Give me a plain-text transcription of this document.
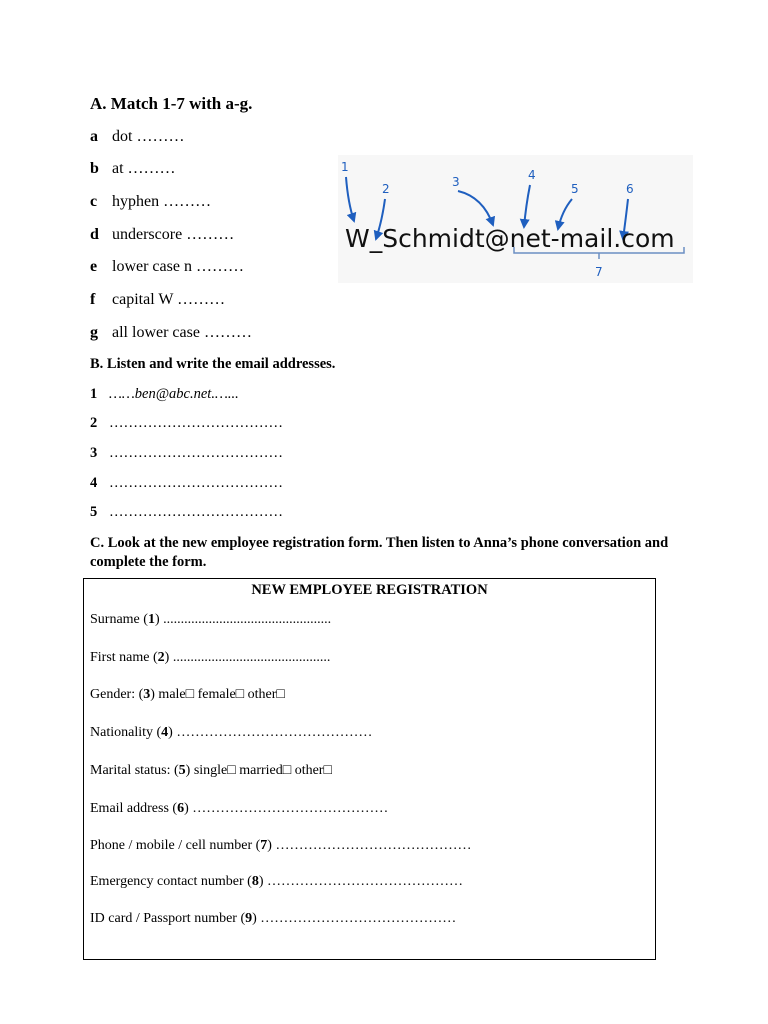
A. Match 1-7 with a-g.
a dot ………
b at ………
c hyphen ………
d underscore ………
e lower case n ………
f capital W ………
g all lower case ………
1
2	3	4
5	6
7
W_Schmidt@net-mail.com
B. Listen and write the email addresses.
1 ……ben@abc.net.…...
2 ………………………………
3 ………………………………
4 ………………………………
5 ………………………………
C. Look at the new employee registration form. Then listen to Anna’s phone conversation and complete the form.
NEW EMPLOYEE REGISTRATION
Surname (1) ................................................
First name (2) .............................................
Gender: (3) male□ female□ other□
Nationality (4) ……………………………………
Marital status: (5) single□ married□ other□
Email address (6) ……………………………………
Phone / mobile / cell number (7) ……………………………………
Emergency contact number (8) ……………………………………
ID card / Passport number (9) ……………………………………
